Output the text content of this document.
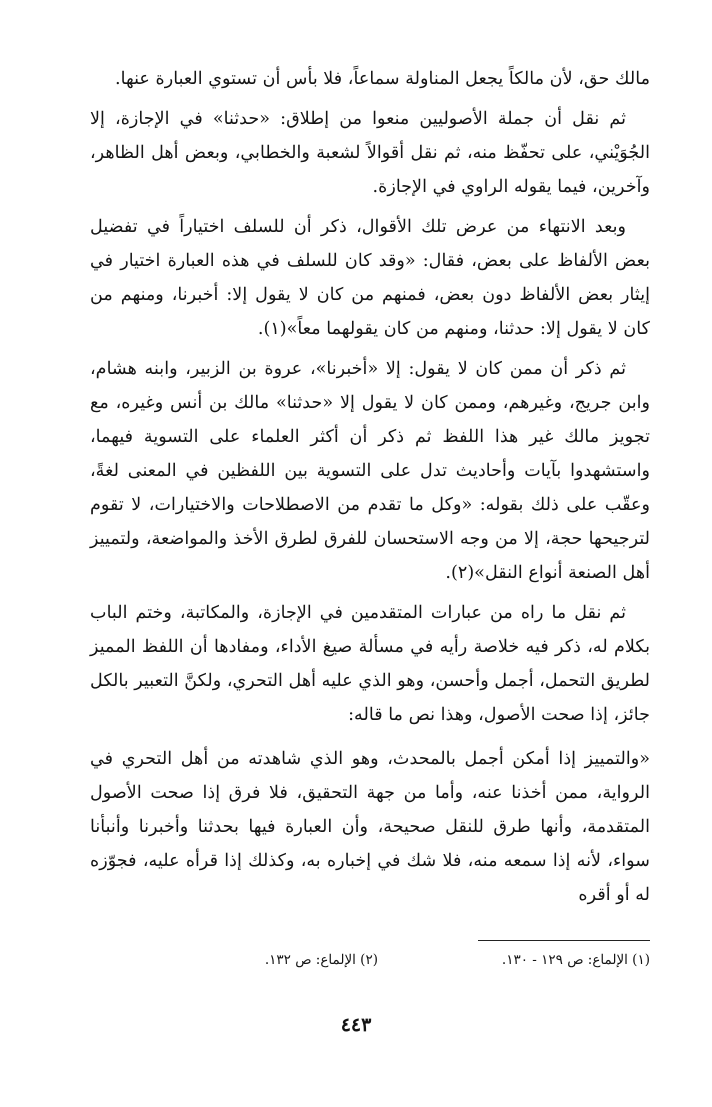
مالك حق، لأن مالكاً يجعل المناولة سماعاً، فلا بأس أن تستوي العبارة عنها.

ثم نقل أن جملة الأصوليين منعوا من إطلاق: «حدثنا» في الإجازة، إلا الجُوَيْني، على تحفّظ منه، ثم نقل أقوالاً لشعبة والخطابي، وبعض أهل الظاهر، وآخرين، فيما يقوله الراوي في الإجازة.

وبعد الانتهاء من عرض تلك الأقوال، ذكر أن للسلف اختياراً في تفضيل بعض الألفاظ على بعض، فقال: «وقد كان للسلف في هذه العبارة اختيار في إيثار بعض الألفاظ دون بعض، فمنهم من كان لا يقول إلا: أخبرنا، ومنهم من كان لا يقول إلا: حدثنا، ومنهم من كان يقولهما معاً»(١).

ثم ذكر أن ممن كان لا يقول: إلا «أخبرنا»، عروة بن الزبير، وابنه هشام، وابن جريج، وغيرهم، وممن كان لا يقول إلا «حدثنا» مالك بن أنس وغيره، مع تجويز مالك غير هذا اللفظ ثم ذكر أن أكثر العلماء على التسوية فيهما، واستشهدوا بآيات وأحاديث تدل على التسوية بين اللفظين في المعنى لغةً، وعقّب على ذلك بقوله: «وكل ما تقدم من الاصطلاحات والاختيارات، لا تقوم لترجيحها حجة، إلا من وجه الاستحسان للفرق لطرق الأخذ والمواضعة، ولتمييز أهل الصنعة أنواع النقل»(٢).

ثم نقل ما راه من عبارات المتقدمين في الإجازة، والمكاتبة، وختم الباب بكلام له، ذكر فيه خلاصة رأيه في مسألة صيغ الأداء، ومفادها أن اللفظ المميز لطريق التحمل، أجمل وأحسن، وهو الذي عليه أهل التحري، ولكنَّ التعبير بالكل جائز، إذا صحت الأصول، وهذا نص ما قاله:

«والتمييز إذا أمكن أجمل بالمحدث، وهو الذي شاهدته من أهل التحري في الرواية، ممن أخذنا عنه، وأما من جهة التحقيق، فلا فرق إذا صحت الأصول المتقدمة، وأنها طرق للنقل صحيحة، وأن العبارة فيها بحدثنا وأخبرنا وأنبأنا سواء، لأنه إذا سمعه منه، فلا شك في إخباره به، وكذلك إذا قرأه عليه، فجوّزه له أو أقره

(١) الإلماع: ص ١٢٩ - ١٣٠.
(٢) الإلماع: ص ١٣٢.
٤٤٣
